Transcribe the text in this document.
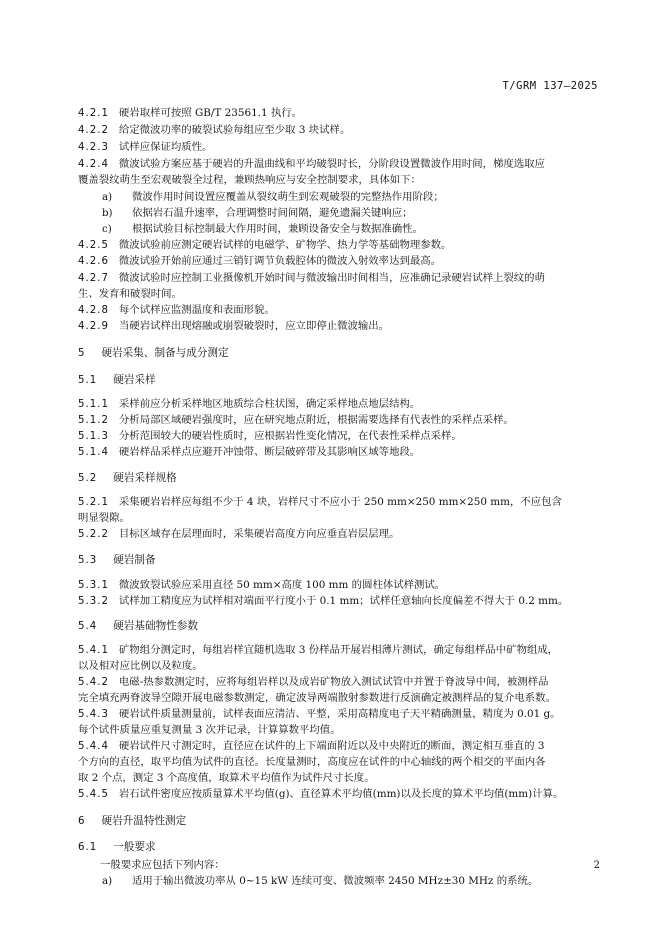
T/GRM 137—2025
4.2.1 硬岩取样可按照 GB/T 23561.1 执行。
4.2.2 给定微波功率的破裂试验每组应至少取 3 块试样。
4.2.3 试样应保证均质性。
4.2.4 微波试验方案应基于硬岩的升温曲线和平均破裂时长，分阶段设置微波作用时间，梯度选取应
覆盖裂纹萌生至宏观破裂全过程，兼顾热响应与安全控制要求，具体如下：
a) 微波作用时间设置应覆盖从裂纹萌生到宏观破裂的完整热作用阶段；
b) 依据岩石温升速率，合理调整时间间隔，避免遗漏关键响应；
c) 根据试验目标控制最大作用时间，兼顾设备安全与数据准确性。
4.2.5 微波试验前应测定硬岩试样的电磁学、矿物学、热力学等基础物理参数。
4.2.6 微波试验开始前应通过三销钉调节负载腔体的微波入射效率达到最高。
4.2.7 微波试验时应控制工业摄像机开始时间与微波输出时间相当，应准确记录硬岩试样上裂纹的萌
生、发育和破裂时间。
4.2.8 每个试样应监测温度和表面形貌。
4.2.9 当硬岩试样出现熔融或崩裂破裂时，应立即停止微波输出。
5 硬岩采集、制备与成分测定
5.1 硬岩采样
5.1.1 采样前应分析采样地区地质综合柱状图，确定采样地点地层结构。
5.1.2 分析局部区域硬岩强度时，应在研究地点附近，根据需要选择有代表性的采样点采样。
5.1.3 分析范围较大的硬岩性质时，应根据岩性变化情况，在代表性采样点采样。
5.1.4 硬岩样品采样点应避开冲蚀带、断层破碎带及其影响区域等地段。
5.2 硬岩采样规格
5.2.1 采集硬岩岩样应每组不少于 4 块，岩样尺寸不应小于 250 mm×250 mm×250 mm，不应包含
明显裂隙。
5.2.2 目标区域存在层理面时，采集硬岩高度方向应垂直岩层层理。
5.3 硬岩制备
5.3.1 微波致裂试验应采用直径 50 mm×高度 100 mm 的圆柱体试样测试。
5.3.2 试样加工精度应为试样相对端面平行度小于 0.1 mm；试样任意轴向长度偏差不得大于 0.2 mm。
5.4 硬岩基础物性参数
5.4.1 矿物组分测定时，每组岩样宜随机选取 3 份样品开展岩相薄片测试，确定每组样品中矿物组成，
以及相对应比例以及粒度。
5.4.2 电磁-热参数测定时，应将每组岩样以及成岩矿物放入测试试管中并置于脊波导中间，被测样品
完全填充两脊波导空隙开展电磁参数测定，确定波导两端散射参数进行反演确定被测样品的复介电系数。
5.4.3 硬岩试件质量测量前，试样表面应清洁、平整，采用高精度电子天平精确测量，精度为 0.01 g。
每个试件质量应重复测量 3 次并记录，计算算数平均值。
5.4.4 硬岩试件尺寸测定时，直径应在试件的上下端面附近以及中央附近的断面，测定相互垂直的 3
个方向的直径，取平均值为试件的直径。长度量测时，高度应在试件的中心轴线的两个相交的平面内各
取 2 个点，测定 3 个高度值，取算术平均值作为试件尺寸长度。
5.4.5 岩石试件密度应按质量算术平均值(g)、直径算术平均值(mm)以及长度的算术平均值(mm)计算。
6 硬岩升温特性测定
6.1 一般要求
一般要求应包括下列内容：
a) 适用于输出微波功率从 0~15 kW 连续可变、微波频率 2450 MHz±30 MHz 的系统。
2
